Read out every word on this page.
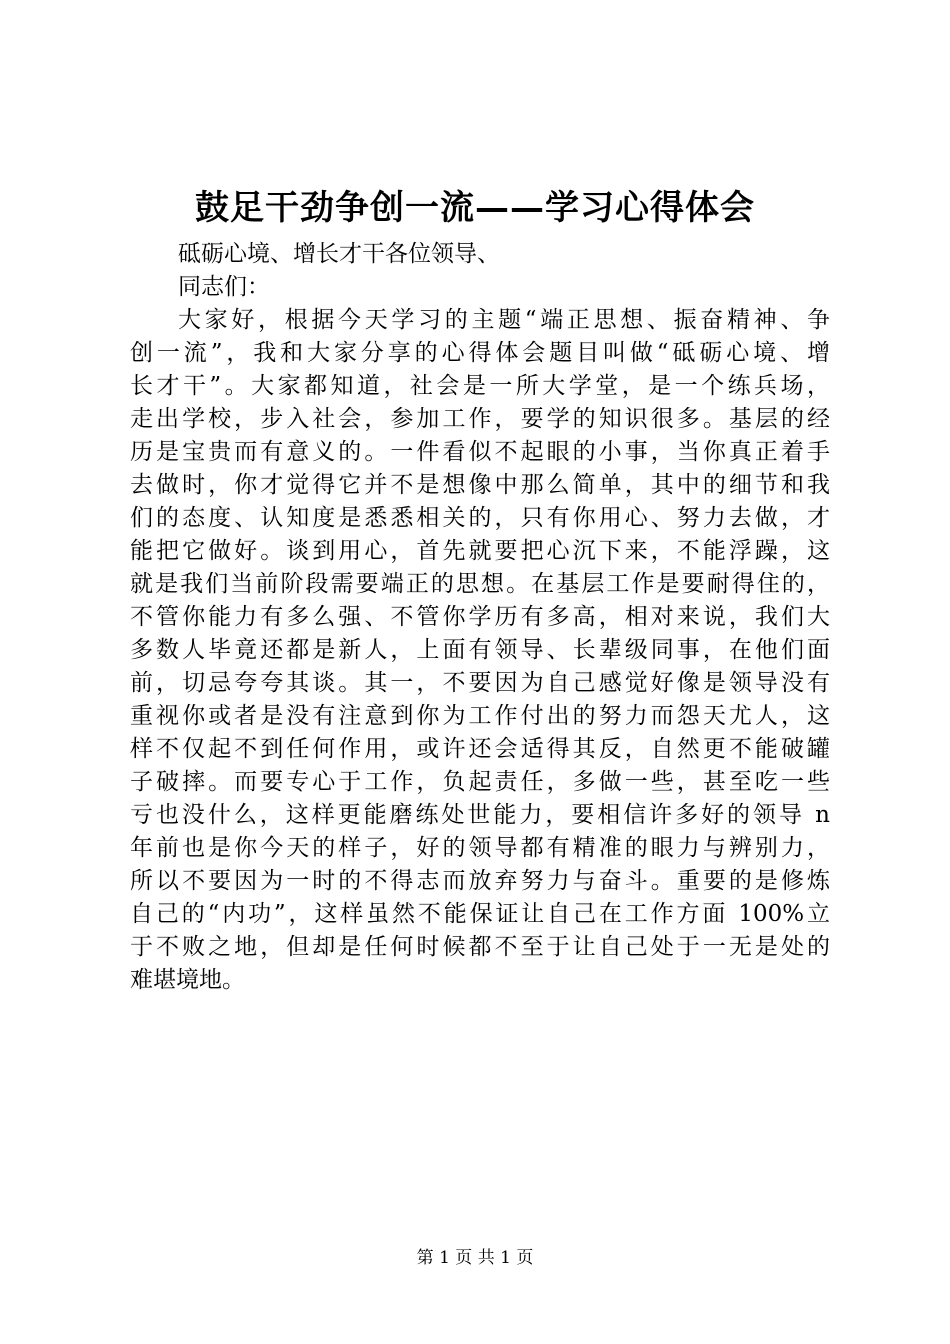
鼓足干劲争创一流——学习心得体会
砥砺心境、增长才干各位领导、
同志们：
大家好，根据今天学习的主题“端正思想、振奋精神、争
创一流”，我和大家分享的心得体会题目叫做“砥砺心境、增
长才干”。大家都知道，社会是一所大学堂，是一个练兵场，
走出学校，步入社会，参加工作，要学的知识很多。基层的经
历是宝贵而有意义的。一件看似不起眼的小事，当你真正着手
去做时，你才觉得它并不是想像中那么简单，其中的细节和我
们的态度、认知度是悉悉相关的，只有你用心、努力去做，才
能把它做好。谈到用心，首先就要把心沉下来，不能浮躁，这
就是我们当前阶段需要端正的思想。在基层工作是要耐得住的，
不管你能力有多么强、不管你学历有多高，相对来说，我们大
多数人毕竟还都是新人，上面有领导、长辈级同事，在他们面
前，切忌夸夸其谈。其一，不要因为自己感觉好像是领导没有
重视你或者是没有注意到你为工作付出的努力而怨天尤人，这
样不仅起不到任何作用，或许还会适得其反，自然更不能破罐
子破摔。而要专心于工作，负起责任，多做一些，甚至吃一些
亏也没什么，这样更能磨练处世能力，要相信许多好的领导 n
年前也是你今天的样子，好的领导都有精准的眼力与辨别力，
所以不要因为一时的不得志而放弃努力与奋斗。重要的是修炼
自己的“内功”，这样虽然不能保证让自己在工作方面 100%立
于不败之地，但却是任何时候都不至于让自己处于一无是处的
难堪境地。
第 1 页 共 1 页
